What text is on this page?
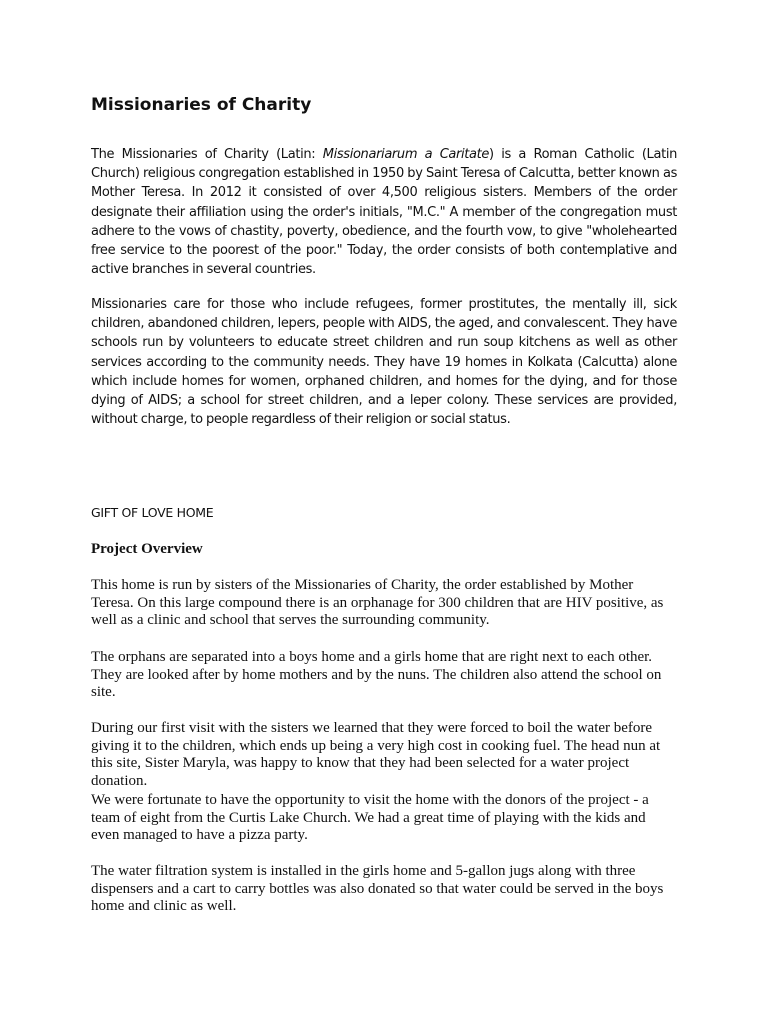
Missionaries of Charity

The Missionaries of Charity (Latin: Missionariarum a Caritate) is a Roman Catholic (Latin Church) religious congregation established in 1950 by Saint Teresa of Calcutta, better known as Mother Teresa. In 2012 it consisted of over 4,500 religious sisters. Members of the order designate their affiliation using the order's initials, "M.C." A member of the congregation must adhere to the vows of chastity, poverty, obedience, and the fourth vow, to give "wholehearted free service to the poorest of the poor." Today, the order consists of both contemplative and active branches in several countries.

Missionaries care for those who include refugees, former prostitutes, the mentally ill, sick children, abandoned children, lepers, people with AIDS, the aged, and convalescent. They have schools run by volunteers to educate street children and run soup kitchens as well as other services according to the community needs. They have 19 homes in Kolkata (Calcutta) alone which include homes for women, orphaned children, and homes for the dying, and for those dying of AIDS; a school for street children, and a leper colony. These services are provided, without charge, to people regardless of their religion or social status.

GIFT OF LOVE HOME

Project Overview

This home is run by sisters of the Missionaries of Charity, the order established by Mother Teresa. On this large compound there is an orphanage for 300 children that are HIV positive, as well as a clinic and school that serves the surrounding community.

The orphans are separated into a boys home and a girls home that are right next to each other. They are looked after by home mothers and by the nuns. The children also attend the school on site.

During our first visit with the sisters we learned that they were forced to boil the water before giving it to the children, which ends up being a very high cost in cooking fuel. The head nun at this site, Sister Maryla, was happy to know that they had been selected for a water project donation.

We were fortunate to have the opportunity to visit the home with the donors of the project - a team of eight from the Curtis Lake Church. We had a great time of playing with the kids and even managed to have a pizza party.

The water filtration system is installed in the girls home and 5-gallon jugs along with three dispensers and a cart to carry bottles was also donated so that water could be served in the boys home and clinic as well.
